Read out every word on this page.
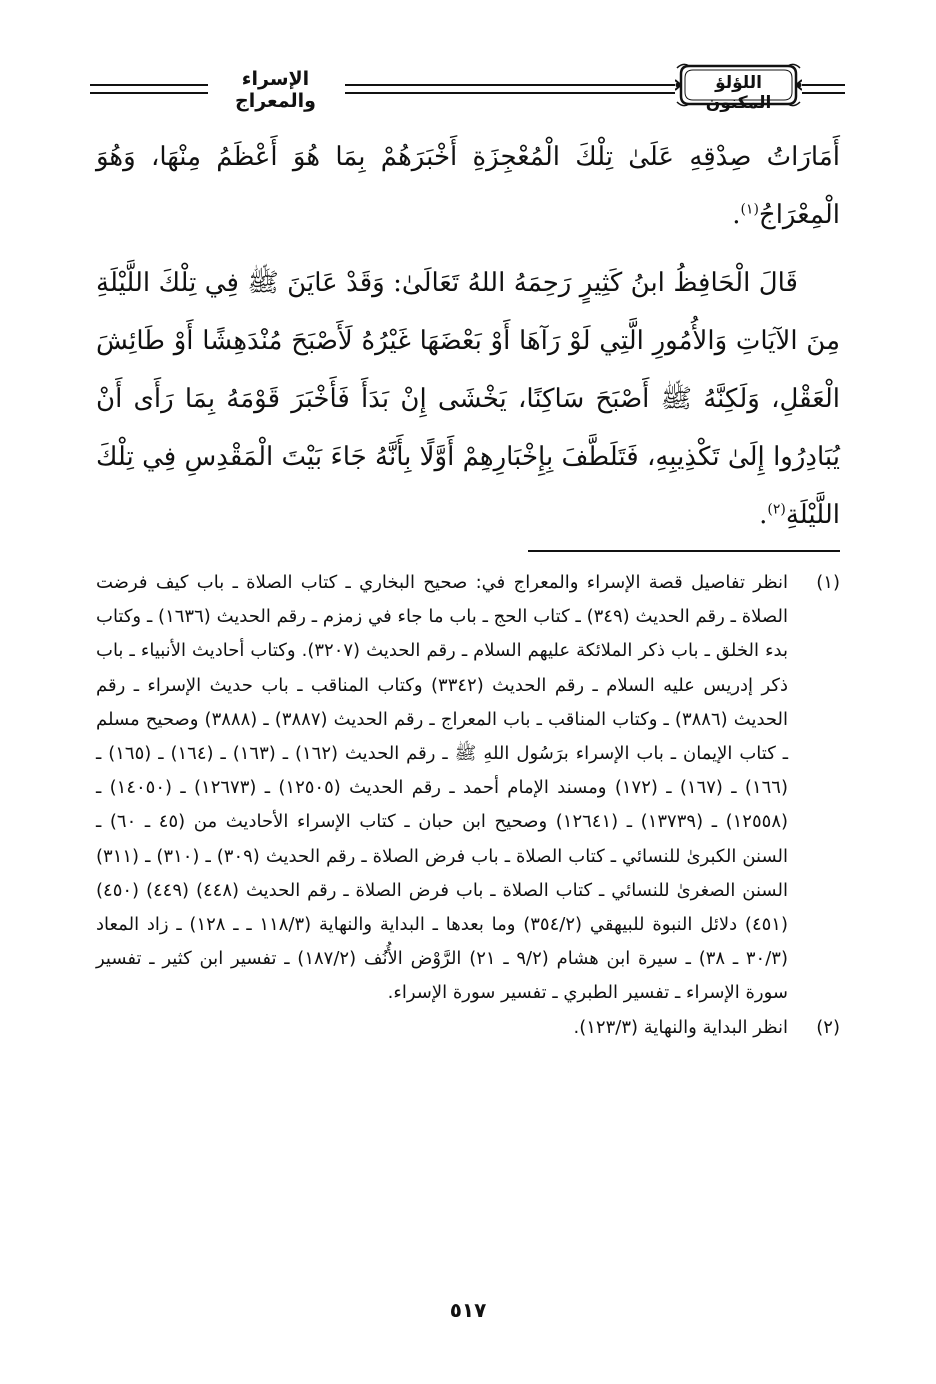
الإسراء والمعراج
اللؤلؤ المكنون

أَمَارَاتُ صِدْقِهِ عَلَىٰ تِلْكَ الْمُعْجِزَةِ أَخْبَرَهُمْ بِمَا هُوَ أَعْظَمُ مِنْهَا، وَهُوَ الْمِعْرَاجُ$^{(١)}$.

قَالَ الْحَافِظُ ابنُ كَثِيرٍ رَحِمَهُ اللهُ تَعَالَىٰ: وَقَدْ عَايَنَ ﷺ فِي تِلْكَ اللَّيْلَةِ مِنَ الآيَاتِ وَالأُمُورِ الَّتِي لَوْ رَآهَا أَوْ بَعْضَهَا غَيْرُهُ لَأَصْبَحَ مُنْدَهِشًا أَوْ طَائِشَ الْعَقْلِ، وَلَكِنَّهُ ﷺ أَصْبَحَ سَاكِنًا، يَخْشَى إِنْ بَدَأَ فَأَخْبَرَ قَوْمَهُ بِمَا رَأَى أَنْ يُبَادِرُوا إِلَىٰ تَكْذِيبِهِ، فَتَلَطَّفَ بِإِخْبَارِهِمْ أَوَّلًا بِأَنَّهُ جَاءَ بَيْتَ الْمَقْدِسِ فِي تِلْكَ اللَّيْلَةِ$^{(٢)}$.

(١)
انظر تفاصيل قصة الإسراء والمعراج في: صحيح البخاري ـ كتاب الصلاة ـ باب كيف فرضت الصلاة ـ رقم الحديث (٣٤٩) ـ كتاب الحج ـ باب ما جاء في زمزم ـ رقم الحديث (١٦٣٦) ـ وكتاب بدء الخلق ـ باب ذكر الملائكة عليهم السلام ـ رقم الحديث (٣٢٠٧). وكتاب أحاديث الأنبياء ـ باب ذكر إدريس عليه السلام ـ رقم الحديث (٣٣٤٢) وكتاب المناقب ـ باب حديث الإسراء ـ رقم الحديث (٣٨٨٦) ـ وكتاب المناقب ـ باب المعراج ـ رقم الحديث (٣٨٨٧) ـ (٣٨٨٨) وصحيح مسلم ـ كتاب الإيمان ـ باب الإسراء برَسُول اللهِ ﷺ ـ رقم الحديث (١٦٢) ـ (١٦٣) ـ (١٦٤) ـ (١٦٥) ـ (١٦٦) ـ (١٦٧) ـ (١٧٢) ومسند الإمام أحمد ـ رقم الحديث (١٢٥٠٥) ـ (١٢٦٧٣) ـ (١٤٠٥٠) ـ (١٢٥٥٨) ـ (١٣٧٣٩) ـ (١٢٦٤١) وصحيح ابن حبان ـ كتاب الإسراء الأحاديث من (٤٥ ـ ٦٠) ـ السنن الكبرىٰ للنسائي ـ كتاب الصلاة ـ باب فرض الصلاة ـ رقم الحديث (٣٠٩) ـ (٣١٠) ـ (٣١١) السنن الصغرىٰ للنسائي ـ كتاب الصلاة ـ باب فرض الصلاة ـ رقم الحديث (٤٤٨) (٤٤٩) (٤٥٠) (٤٥١) دلائل النبوة للبيهقي (٣٥٤/٢) وما بعدها ـ البداية والنهاية (١١٨/٣ ـ ـ ١٢٨) ـ زاد المعاد (٣٠/٣ ـ ٣٨) ـ سيرة ابن هشام (٩/٢ ـ ٢١) الرَّوْض الأُنُف (١٨٧/٢) ـ تفسير ابن كثير ـ تفسير سورة الإسراء ـ تفسير الطبري ـ تفسير سورة الإسراء.
(٢)
انظر البداية والنهاية (١٢٣/٣).
٥١٧
